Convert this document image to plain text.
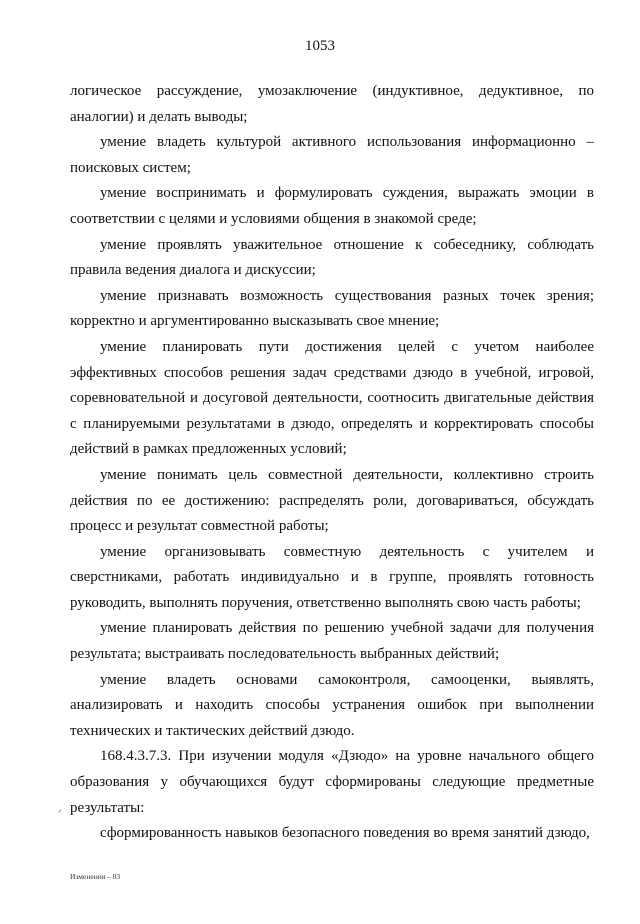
1053

логическое рассуждение, умозаключение (индуктивное, дедуктивное, по аналогии) и делать выводы;

умение владеть культурой активного использования информационно – поисковых систем;

умение воспринимать и формулировать суждения, выражать эмоции в соответствии с целями и условиями общения в знакомой среде;

умение проявлять уважительное отношение к собеседнику, соблюдать правила ведения диалога и дискуссии;

умение признавать возможность существования разных точек зрения; корректно и аргументированно высказывать свое мнение;

умение планировать пути достижения целей с учетом наиболее эффективных способов решения задач средствами дзюдо в учебной, игровой, соревновательной и досуговой деятельности, соотносить двигательные действия с планируемыми результатами в дзюдо, определять и корректировать способы действий в рамках предложенных условий;

умение понимать цель совместной деятельности, коллективно строить действия по ее достижению: распределять роли, договариваться, обсуждать процесс и результат совместной работы;

умение организовывать совместную деятельность с учителем и сверстниками, работать индивидуально и в группе, проявлять готовность руководить, выполнять поручения, ответственно выполнять свою часть работы;

умение планировать действия по решению учебной задачи для получения результата; выстраивать последовательность выбранных действий;

умение владеть основами самоконтроля, самооценки, выявлять, анализировать и находить способы устранения ошибок при выполнении технических и тактических действий дзюдо.

168.4.3.7.3. При изучении модуля «Дзюдо» на уровне начального общего образования у обучающихся будут сформированы следующие предметные результаты:

сформированность навыков безопасного поведения во время занятий дзюдо,

ᐟ
Изменения – 03
